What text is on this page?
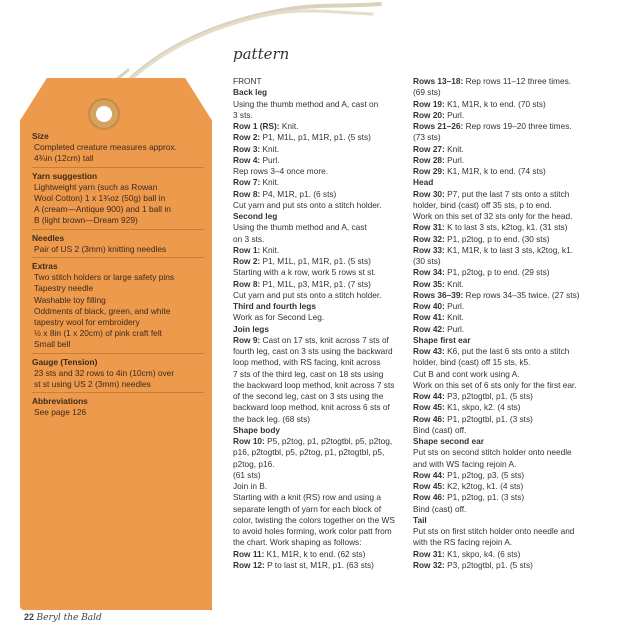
Size
Completed creature measures approx.
4¾in (12cm) tall
Yarn suggestion
Lightweight yarn (such as Rowan
Wool Cotton) 1 x 1¾oz (50g) ball in
A (cream—Antique 900) and 1 ball in
B (light brown—Dream 929)
Needles
Pair of US 2 (3mm) knitting needles
Extras
Two stitch holders or large safety pins
Tapestry needle
Washable toy filling
Oddments of black, green, and white
tapestry wool for embroidery
½ x 8in (1 x 20cm) of pink craft felt
Small bell
Gauge (Tension)
23 sts and 32 rows to 4in (10cm) over
st st using US 2 (3mm) needles
Abbreviations
See page 126
pattern
FRONT
Back leg
Using the thumb method and A, cast on
3 sts.
Row 1 (RS): Knit.
Row 2: P1, M1L, p1, M1R, p1. (5 sts)
Row 3: Knit.
Row 4: Purl.
Rep rows 3–4 once more.
Row 7: Knit.
Row 8: P4, M1R, p1. (6 sts)
Cut yarn and put sts onto a stitch holder.
Second leg
Using the thumb method and A, cast
on 3 sts.
Row 1: Knit.
Row 2: P1, M1L, p1, M1R, p1. (5 sts)
Starting with a k row, work 5 rows st st.
Row 8: P1, M1L, p3, M1R, p1. (7 sts)
Cut yarn and put sts onto a stitch holder.
Third and fourth legs
Work as for Second Leg.
Join legs
Row 9: Cast on 17 sts, knit across 7 sts of
fourth leg, cast on 3 sts using the backward
loop method, with RS facing, knit across
7 sts of the third leg, cast on 18 sts using
the backward loop method, knit across 7 sts
of the second leg, cast on 3 sts using the
backward loop method, knit across 6 sts of
the back leg. (68 sts)
Shape body
Row 10: P5, p2tog, p1, p2togtbl, p5, p2tog,
p16, p2togtbl, p5, p2tog, p1, p2togtbl, p5,
p2tog, p16.
(61 sts)
Join in B.
Starting with a knit (RS) row and using a
separate length of yarn for each block of
color, twisting the colors together on the WS
to avoid holes forming, work color patt from
the chart. Work shaping as follows:
Row 11: K1, M1R, k to end. (62 sts)
Row 12: P to last st, M1R, p1. (63 sts)
Rows 13–18: Rep rows 11–12 three times.
(69 sts)
Row 19: K1, M1R, k to end. (70 sts)
Row 20: Purl.
Rows 21–26: Rep rows 19–20 three times.
(73 sts)
Row 27: Knit.
Row 28: Purl.
Row 29: K1, M1R, k to end. (74 sts)
Head
Row 30: P7, put the last 7 sts onto a stitch
holder, bind (cast) off 35 sts, p to end.
Work on this set of 32 sts only for the head.
Row 31: K to last 3 sts, k2tog, k1. (31 sts)
Row 32: P1, p2tog, p to end. (30 sts)
Row 33: K1, M1R, k to last 3 sts, k2tog, k1.
(30 sts)
Row 34: P1, p2tog, p to end. (29 sts)
Row 35: Knit.
Rows 36–39: Rep rows 34–35 twice. (27 sts)
Row 40: Purl.
Row 41: Knit.
Row 42: Purl.
Shape first ear
Row 43: K6, put the last 6 sts onto a stitch
holder, bind (cast) off 15 sts, k5.
Cut B and cont work using A.
Work on this set of 6 sts only for the first ear.
Row 44: P3, p2togtbl, p1. (5 sts)
Row 45: K1, skpo, k2. (4 sts)
Row 46: P1, p2togtbl, p1. (3 sts)
Bind (cast) off.
Shape second ear
Put sts on second stitch holder onto needle
and with WS facing rejoin A.
Row 44: P1, p2tog, p3. (5 sts)
Row 45: K2, k2tog, k1. (4 sts)
Row 46: P1, p2tog, p1. (3 sts)
Bind (cast) off.
Tail
Put sts on first stitch holder onto needle and
with the RS facing rejoin A.
Row 31: K1, skpo, k4. (6 sts)
Row 32: P3, p2togtbl, p1. (5 sts)
22 Beryl the Bald
